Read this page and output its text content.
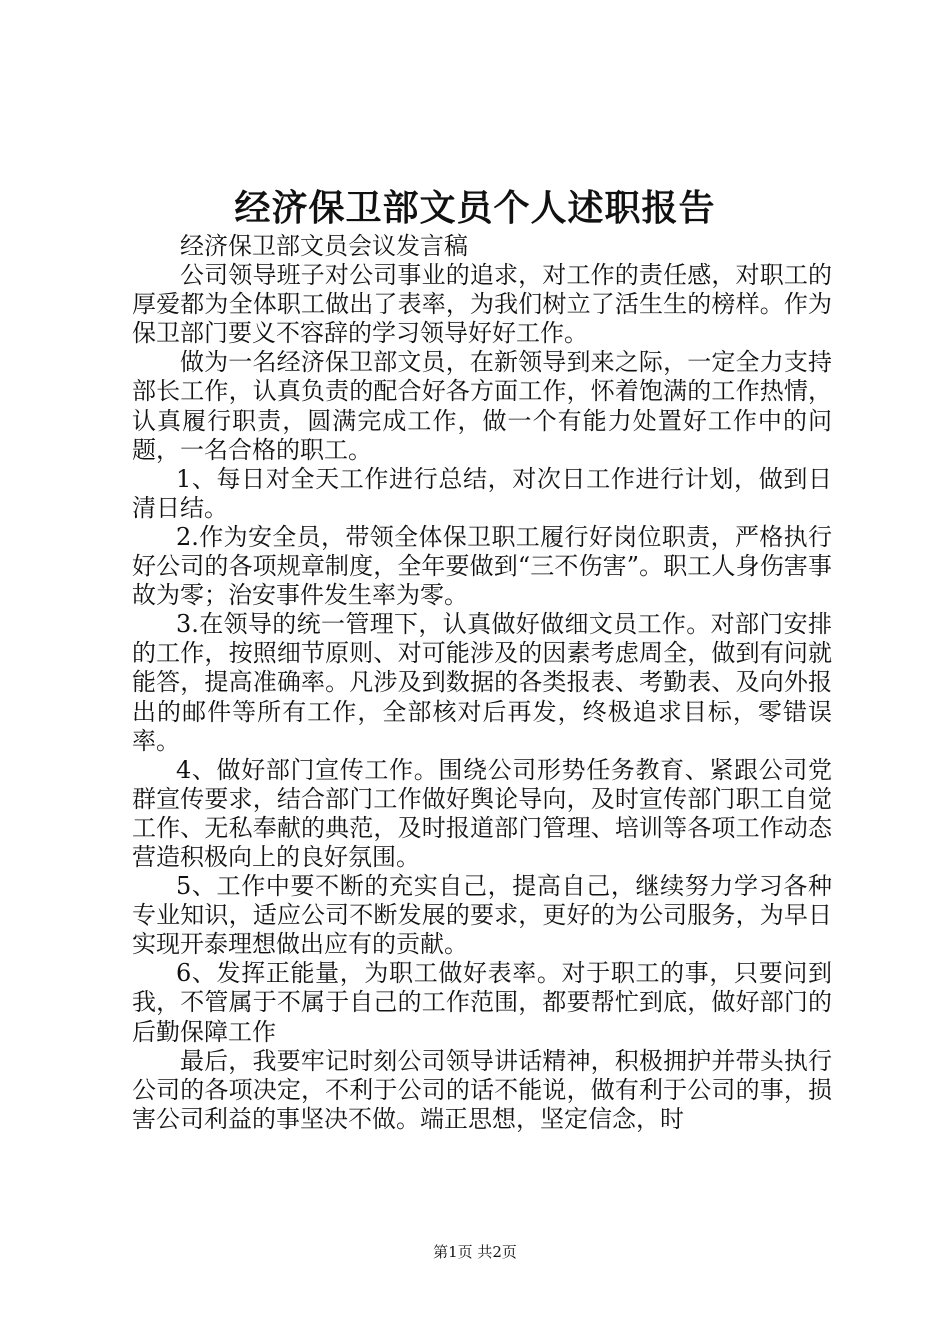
经济保卫部文员个人述职报告

经济保卫部文员会议发言稿

公司领导班子对公司事业的追求，对工作的责任感，对职工的厚爱都为全体职工做出了表率，为我们树立了活生生的榜样。作为保卫部门要义不容辞的学习领导好好工作。

做为一名经济保卫部文员，在新领导到来之际，一定全力支持部长工作，认真负责的配合好各方面工作，怀着饱满的工作热情，认真履行职责，圆满完成工作，做一个有能力处置好工作中的问题，一名合格的职工。

1、每日对全天工作进行总结，对次日工作进行计划，做到日清日结。

2.作为安全员，带领全体保卫职工履行好岗位职责，严格执行好公司的各项规章制度，全年要做到“三不伤害”。职工人身伤害事故为零；治安事件发生率为零。

3.在领导的统一管理下，认真做好做细文员工作。对部门安排的工作，按照细节原则、对可能涉及的因素考虑周全，做到有问就能答，提高准确率。凡涉及到数据的各类报表、考勤表、及向外报出的邮件等所有工作，全部核对后再发，终极追求目标，零错误率。

4、做好部门宣传工作。围绕公司形势任务教育、紧跟公司党群宣传要求，结合部门工作做好舆论导向，及时宣传部门职工自觉工作、无私奉献的典范，及时报道部门管理、培训等各项工作动态营造积极向上的良好氛围。

5、工作中要不断的充实自己，提高自己，继续努力学习各种专业知识，适应公司不断发展的要求，更好的为公司服务，为早日实现开泰理想做出应有的贡献。

6、发挥正能量，为职工做好表率。对于职工的事，只要问到我，不管属于不属于自己的工作范围，都要帮忙到底，做好部门的后勤保障工作

最后，我要牢记时刻公司领导讲话精神，积极拥护并带头执行公司的各项决定，不利于公司的话不能说，做有利于公司的事，损害公司利益的事坚决不做。端正思想，坚定信念，时

第1页 共2页
